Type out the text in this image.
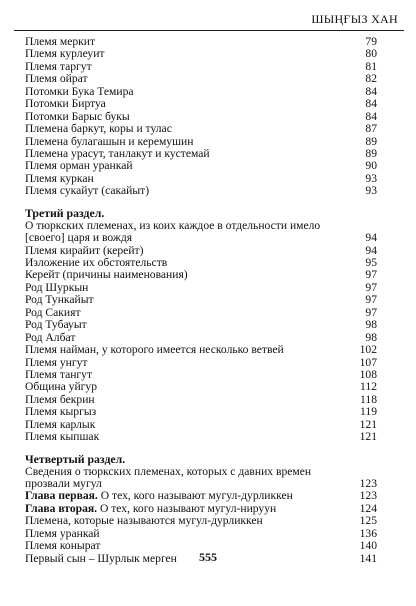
ШЫҢҒЫЗ ХАН
Племя меркит	79
Племя курлеуит	80
Племя таргут	81
Племя ойрат	82
Потомки Бука Темира	84
Потомки Биртуа	84
Потомки Барыс букы	84
Племена баркут, коры и тулас	87
Племена булагашын и керемушин	89
Племена урасут, танлакут и кустемай	89
Племя орман уранкай	90
Племя куркан	93
Племя сукайут (сакайыт)	93
Третий раздел.
О тюркских племенах, из коих каждое в отдельности имело
[своего] царя и вождя	94
Племя кирайит (керейт)	94
Изложение их обстоятельств	95
Керейт (причины наименования)	97
Род Шуркын	97
Род Тункайыт	97
Род Сакият	97
Род Тубауыт	98
Род Албат	98
Племя найман, у которого имеется несколько ветвей	102
Племя унгут	107
Племя тангут	108
Община уйгур	112
Племя бекрин	118
Племя кыргыз	119
Племя карлык	121
Племя кыпшак	121
Четвертый раздел.
Сведения о тюркских племенах, которых с давних времен
прозвали мугул	123
Глава первая. О тех, кого называют мугул-дурликкен	123
Глава вторая. О тех, кого называют мугул-нируун	124
Племена, которые называются мугул-дурликкен	125
Племя уранкай	136
Племя конырат	140
Первый сын – Шурлык мерген	141
555
